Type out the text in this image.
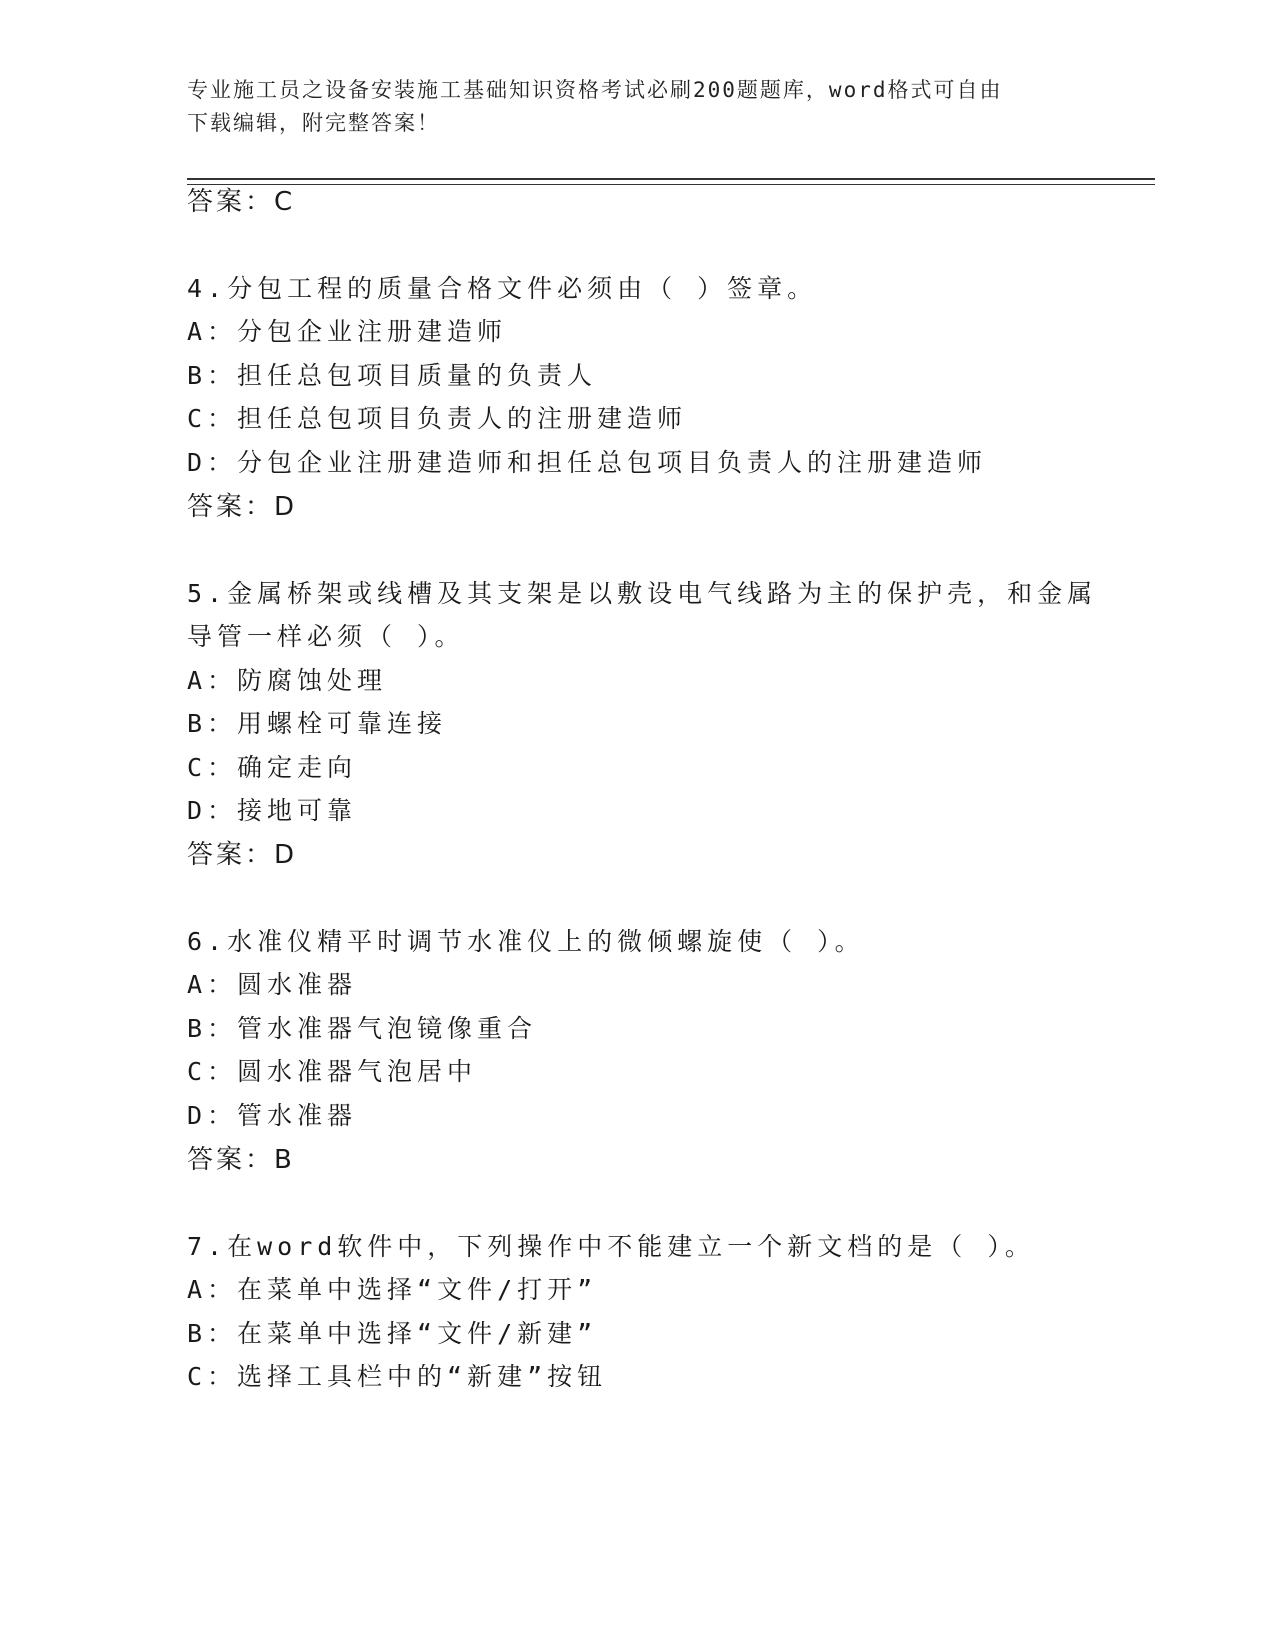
专业施工员之设备安装施工基础知识资格考试必刷200题题库，word格式可自由
下载编辑，附完整答案！
答案：C
4.分包工程的质量合格文件必须由（ ）签章。
A：分包企业注册建造师
B：担任总包项目质量的负责人
C：担任总包项目负责人的注册建造师
D：分包企业注册建造师和担任总包项目负责人的注册建造师
答案：D
5.金属桥架或线槽及其支架是以敷设电气线路为主的保护壳，和金属
导管一样必须（ ）。
A：防腐蚀处理
B：用螺栓可靠连接
C：确定走向
D：接地可靠
答案：D
6.水准仪精平时调节水准仪上的微倾螺旋使（ ）。
A：圆水准器
B：管水准器气泡镜像重合
C：圆水准器气泡居中
D：管水准器
答案：B
7.在word软件中，下列操作中不能建立一个新文档的是（ ）。
A：在菜单中选择“文件/打开”
B：在菜单中选择“文件/新建”
C：选择工具栏中的“新建”按钮
